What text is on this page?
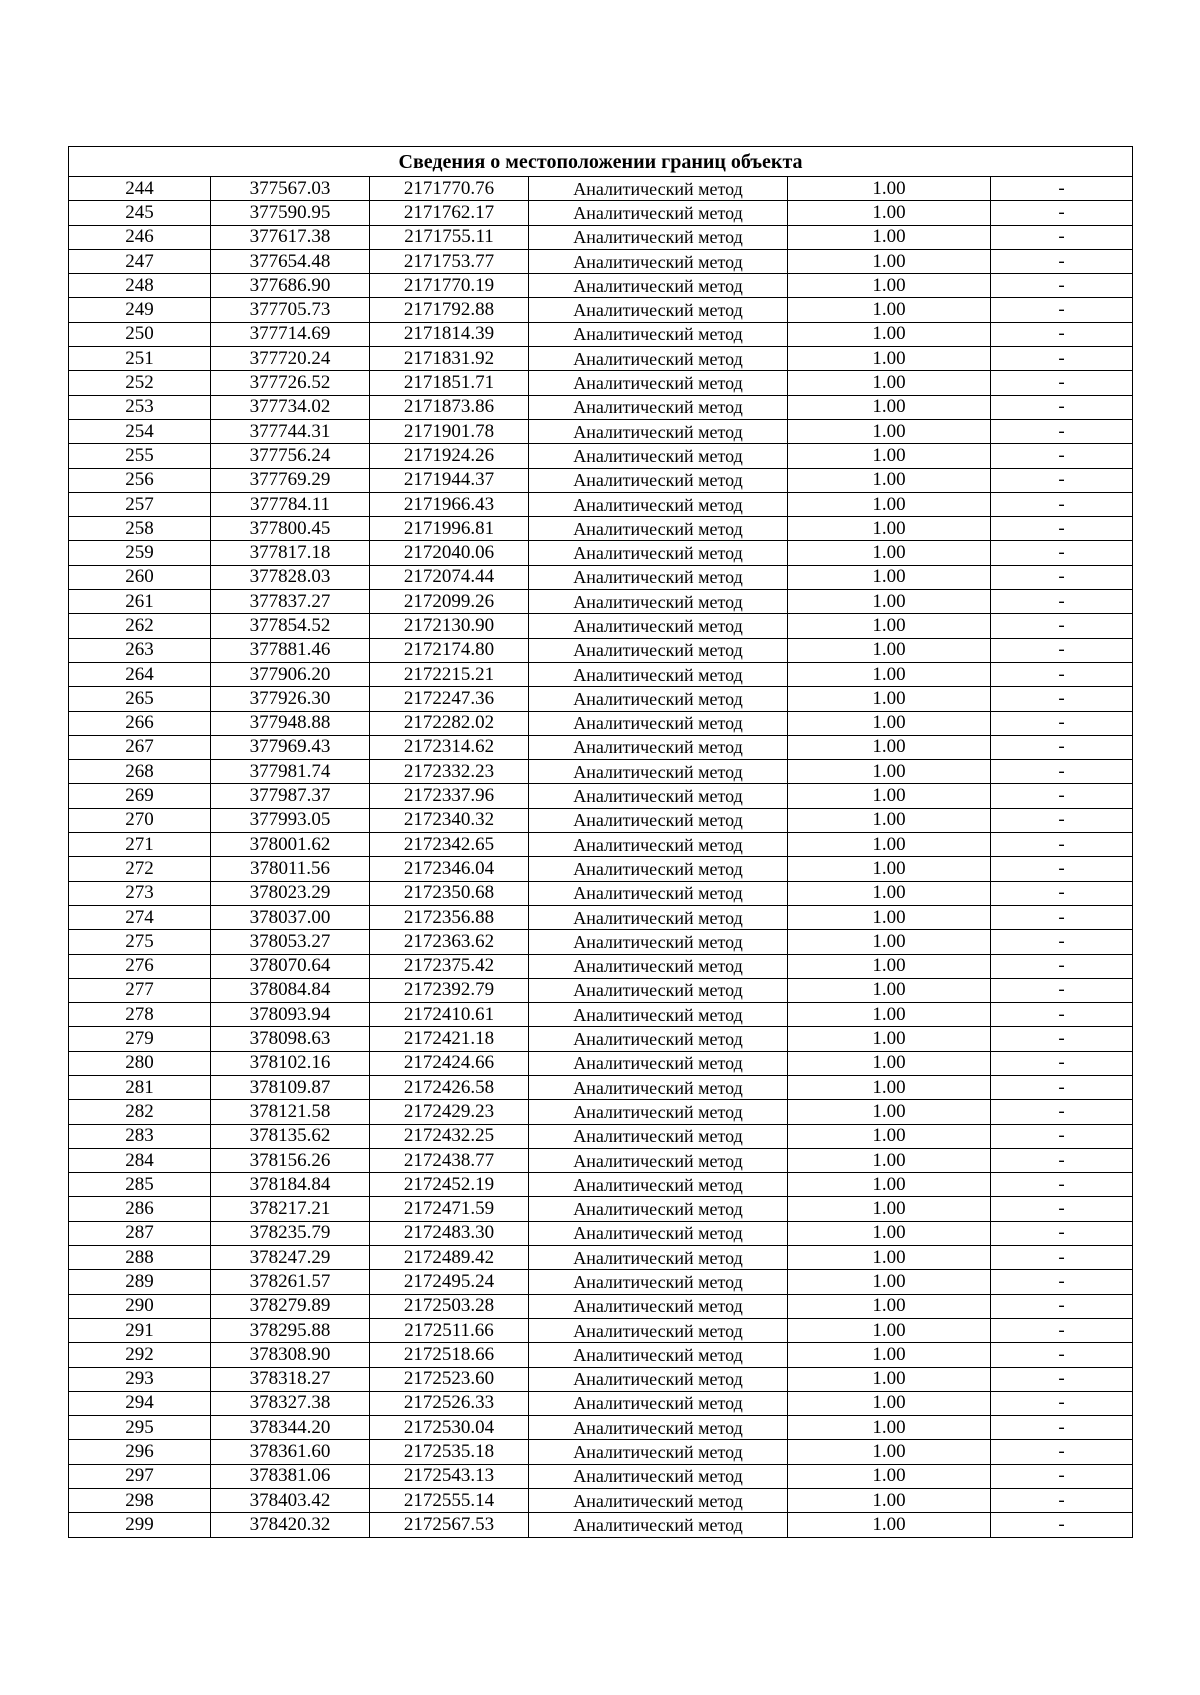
Сведения о местоположении границ объекта					
244	377567.03	2171770.76	Аналитический метод	1.00	-
245	377590.95	2171762.17	Аналитический метод	1.00	-
246	377617.38	2171755.11	Аналитический метод	1.00	-
247	377654.48	2171753.77	Аналитический метод	1.00	-
248	377686.90	2171770.19	Аналитический метод	1.00	-
249	377705.73	2171792.88	Аналитический метод	1.00	-
250	377714.69	2171814.39	Аналитический метод	1.00	-
251	377720.24	2171831.92	Аналитический метод	1.00	-
252	377726.52	2171851.71	Аналитический метод	1.00	-
253	377734.02	2171873.86	Аналитический метод	1.00	-
254	377744.31	2171901.78	Аналитический метод	1.00	-
255	377756.24	2171924.26	Аналитический метод	1.00	-
256	377769.29	2171944.37	Аналитический метод	1.00	-
257	377784.11	2171966.43	Аналитический метод	1.00	-
258	377800.45	2171996.81	Аналитический метод	1.00	-
259	377817.18	2172040.06	Аналитический метод	1.00	-
260	377828.03	2172074.44	Аналитический метод	1.00	-
261	377837.27	2172099.26	Аналитический метод	1.00	-
262	377854.52	2172130.90	Аналитический метод	1.00	-
263	377881.46	2172174.80	Аналитический метод	1.00	-
264	377906.20	2172215.21	Аналитический метод	1.00	-
265	377926.30	2172247.36	Аналитический метод	1.00	-
266	377948.88	2172282.02	Аналитический метод	1.00	-
267	377969.43	2172314.62	Аналитический метод	1.00	-
268	377981.74	2172332.23	Аналитический метод	1.00	-
269	377987.37	2172337.96	Аналитический метод	1.00	-
270	377993.05	2172340.32	Аналитический метод	1.00	-
271	378001.62	2172342.65	Аналитический метод	1.00	-
272	378011.56	2172346.04	Аналитический метод	1.00	-
273	378023.29	2172350.68	Аналитический метод	1.00	-
274	378037.00	2172356.88	Аналитический метод	1.00	-
275	378053.27	2172363.62	Аналитический метод	1.00	-
276	378070.64	2172375.42	Аналитический метод	1.00	-
277	378084.84	2172392.79	Аналитический метод	1.00	-
278	378093.94	2172410.61	Аналитический метод	1.00	-
279	378098.63	2172421.18	Аналитический метод	1.00	-
280	378102.16	2172424.66	Аналитический метод	1.00	-
281	378109.87	2172426.58	Аналитический метод	1.00	-
282	378121.58	2172429.23	Аналитический метод	1.00	-
283	378135.62	2172432.25	Аналитический метод	1.00	-
284	378156.26	2172438.77	Аналитический метод	1.00	-
285	378184.84	2172452.19	Аналитический метод	1.00	-
286	378217.21	2172471.59	Аналитический метод	1.00	-
287	378235.79	2172483.30	Аналитический метод	1.00	-
288	378247.29	2172489.42	Аналитический метод	1.00	-
289	378261.57	2172495.24	Аналитический метод	1.00	-
290	378279.89	2172503.28	Аналитический метод	1.00	-
291	378295.88	2172511.66	Аналитический метод	1.00	-
292	378308.90	2172518.66	Аналитический метод	1.00	-
293	378318.27	2172523.60	Аналитический метод	1.00	-
294	378327.38	2172526.33	Аналитический метод	1.00	-
295	378344.20	2172530.04	Аналитический метод	1.00	-
296	378361.60	2172535.18	Аналитический метод	1.00	-
297	378381.06	2172543.13	Аналитический метод	1.00	-
298	378403.42	2172555.14	Аналитический метод	1.00	-
299	378420.32	2172567.53	Аналитический метод	1.00	-
